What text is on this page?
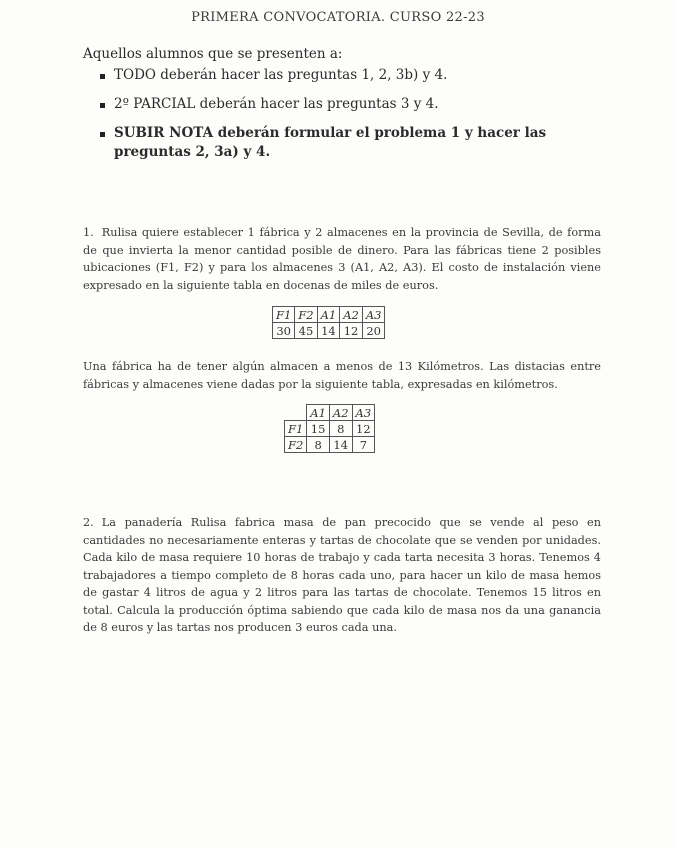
PRIMERA CONVOCATORIA. CURSO 22-23
Aquellos alumnos que se presenten a:
TODO deberán hacer las preguntas 1, 2, 3b) y 4.
2º PARCIAL deberán hacer las preguntas 3 y 4.
SUBIR NOTA deberán formular el problema 1 y hacer las preguntas 2, 3a) y 4.
1. Rulisa quiere establecer 1 fábrica y 2 almacenes en la provincia de Sevilla, de forma de que invierta la menor cantidad posible de dinero. Para las fábricas tiene 2 posibles ubicaciones (F1, F2) y para los almacenes 3 (A1, A2, A3). El costo de instalación viene expresado en la siguiente tabla en docenas de miles de euros.
F1	F2	A1	A2	A3
30	45	14	12	20
Una fábrica ha de tener algún almacen a menos de 13 Kilómetros. Las distacias entre fábricas y almacenes viene dadas por la siguiente tabla, expresadas en kilómetros.
	A1	A2	A3
F1	15	8	12
F2	8	14	7
2. La panadería Rulisa fabrica masa de pan precocido que se vende al peso en cantidades no necesariamente enteras y tartas de chocolate que se venden por unidades. Cada kilo de masa requiere 10 horas de trabajo y cada tarta necesita 3 horas. Tenemos 4 trabajadores a tiempo completo de 8 horas cada uno, para hacer un kilo de masa hemos de gastar 4 litros de agua y 2 litros para las tartas de chocolate. Tenemos 15 litros en total. Calcula la producción óptima sabiendo que cada kilo de masa nos da una ganancia de 8 euros y las tartas nos producen 3 euros cada una.
